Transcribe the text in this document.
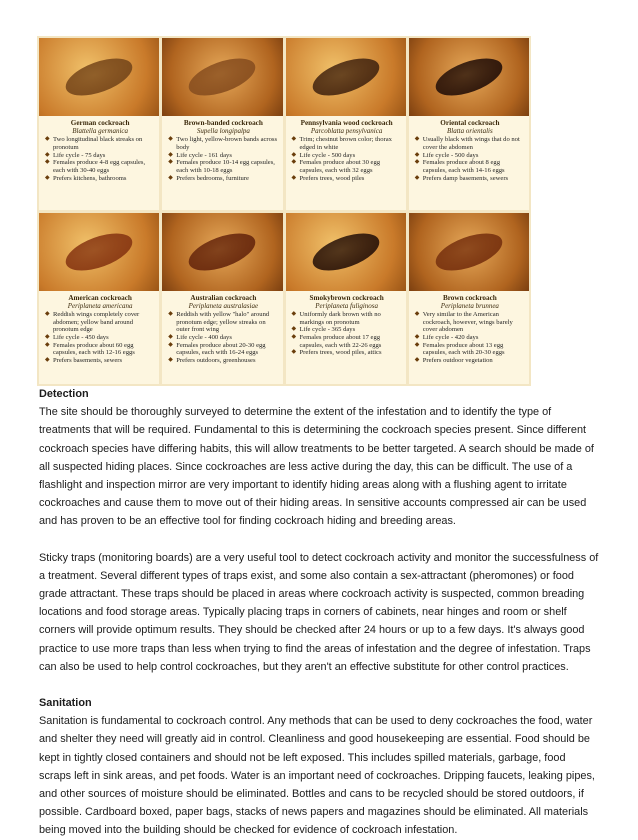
German cockroach
Blattella germanica
◆ Two longitudinal black streaks on pronotum
◆ Life cycle - 75 days
◆ Females produce 4-8 egg capsules, each with 30-40 eggs
◆ Prefers kitchens, bathrooms
Brown-banded cockroach
Supella longipalpa
◆ Two light, yellow-brown bands across body
◆ Life cycle - 161 days
◆ Females produce 10-14 egg capsules, each with 10-18 eggs
◆ Prefers bedrooms, furniture
Pennsylvania wood cockroach
Parcoblatta pensylvanica
◆ Trim; chestnut brown color; thorax edged in white
◆ Life cycle - 500 days
◆ Females produce about 30 egg capsules, each with 32 eggs
◆ Prefers trees, wood piles
Oriental cockroach
Blatta orientalis
◆ Usually black with wings that do not cover the abdomen
◆ Life cycle - 500 days
◆ Females produce about 8 egg capsules, each with 14-16 eggs
◆ Prefers damp basements, sewers
American cockroach
Periplaneta americana
◆ Reddish wings completely cover abdomen; yellow band around pronotum edge
◆ Life cycle - 450 days
◆ Females produce about 60 egg capsules, each with 12-16 eggs
◆ Prefers basements, sewers
Australian cockroach
Periplaneta australasiae
◆ Reddish with yellow "halo" around pronotum edge; yellow streaks on outer front wing
◆ Life cycle - 400 days
◆ Females produce about 20-30 egg capsules, each with 16-24 eggs
◆ Prefers outdoors, greenhouses
Smokybrown cockroach
Periplaneta fuliginosa
◆ Uniformly dark brown with no markings on pronotum
◆ Life cycle - 365 days
◆ Females produce about 17 egg capsules, each with 22-26 eggs
◆ Prefers trees, wood piles, attics
Brown cockroach
Periplaneta brunnea
◆ Very similar to the American cockroach, however, wings barely cover abdomen
◆ Life cycle - 420 days
◆ Females produce about 13 egg capsules, each with 20-30 eggs
◆ Prefers outdoor vegetation

Detection

The site should be thoroughly surveyed to determine the extent of the infestation and to identify the type of treatments that will be required. Fundamental to this is determining the cockroach species present. Since different cockroach species have differing habits, this will allow treatments to be better targeted. A search should be made of all suspected hiding places. Since cockroaches are less active during the day, this can be difficult. The use of a flashlight and inspection mirror are very important to identify hiding areas along with a flushing agent to irritate cockroaches and cause them to move out of their hiding areas. In sensitive accounts compressed air can be used and has proven to be an effective tool for finding cockroach hiding and breeding areas.

Sticky traps (monitoring boards) are a very useful tool to detect cockroach activity and monitor the successfulness of a treatment. Several different types of traps exist, and some also contain a sex-attractant (pheromones) or food grade attractant. These traps should be placed in areas where cockroach activity is suspected, common breading locations and food storage areas. Typically placing traps in corners of cabinets, near hinges and room or shelf corners will provide optimum results. They should be checked after 24 hours or up to a few days. It's always good practice to use more traps than less when trying to find the areas of infestation and the degree of infestation. Traps can also be used to help control cockroaches, but they aren't an effective substitute for other control practices.

Sanitation

Sanitation is fundamental to cockroach control. Any methods that can be used to deny cockroaches the food, water and shelter they need will greatly aid in control. Cleanliness and good housekeeping are essential. Food should be kept in tightly closed containers and should not be left exposed. This includes spilled materials, garbage, food scraps left in sink areas, and pet foods. Water is an important need of cockroaches. Dripping faucets, leaking pipes, and other sources of moisture should be eliminated. Bottles and cans to be recycled should be stored outdoors, if possible. Cardboard boxed, paper bags, stacks of news papers and magazines should be eliminated. All materials being moved into the building should be checked for evidence of cockroach infestation.
